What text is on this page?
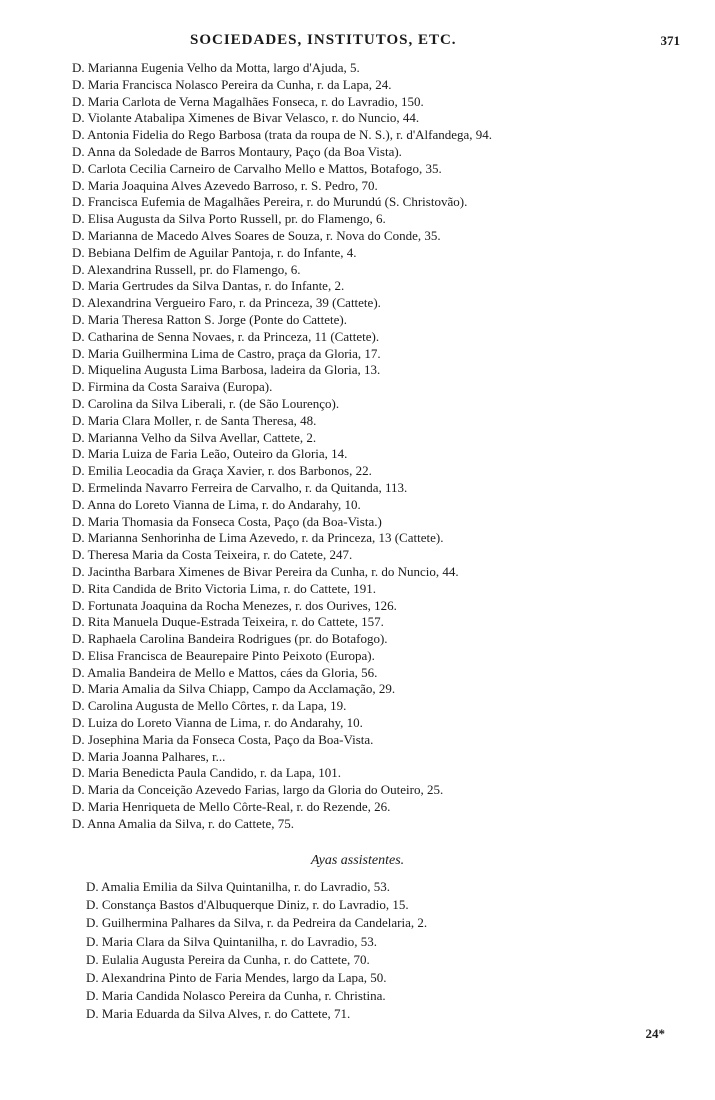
SOCIEDADES, INSTITUTOS, ETC.	371
D. Marianna Eugenia Velho da Motta, largo d'Ajuda, 5.
D. Maria Francisca Nolasco Pereira da Cunha, r. da Lapa, 24.
D. Maria Carlota de Verna Magalhães Fonseca, r. do Lavradio, 150.
D. Violante Atabalipa Ximenes de Bivar Velasco, r. do Nuncio, 44.
D. Antonia Fidelia do Rego Barbosa (trata da roupa de N. S.), r. d'Alfandega, 94.
D. Anna da Soledade de Barros Montaury, Paço (da Boa Vista).
D. Carlota Cecilia Carneiro de Carvalho Mello e Mattos, Botafogo, 35.
D. Maria Joaquina Alves Azevedo Barroso, r. S. Pedro, 70.
D. Francisca Eufemia de Magalhães Pereira, r. do Murundú (S. Christovão).
D. Elisa Augusta da Silva Porto Russell, pr. do Flamengo, 6.
D. Marianna de Macedo Alves Soares de Souza, r. Nova do Conde, 35.
D. Bebiana Delfim de Aguilar Pantoja, r. do Infante, 4.
D. Alexandrina Russell, pr. do Flamengo, 6.
D. Maria Gertrudes da Silva Dantas, r. do Infante, 2.
D. Alexandrina Vergueiro Faro, r. da Princeza, 39 (Cattete).
D. Maria Theresa Ratton S. Jorge (Ponte do Cattete).
D. Catharina de Senna Novaes, r. da Princeza, 11 (Cattete).
D. Maria Guilhermina Lima de Castro, praça da Gloria, 17.
D. Miquelina Augusta Lima Barbosa, ladeira da Gloria, 13.
D. Firmina da Costa Saraiva (Europa).
D. Carolina da Silva Liberali, r. (de São Lourenço).
D. Maria Clara Moller, r. de Santa Theresa, 48.
D. Marianna Velho da Silva Avellar, Cattete, 2.
D. Maria Luiza de Faria Leão, Outeiro da Gloria, 14.
D. Emilia Leocadia da Graça Xavier, r. dos Barbonos, 22.
D. Ermelinda Navarro Ferreira de Carvalho, r. da Quitanda, 113.
D. Anna do Loreto Vianna de Lima, r. do Andarahy, 10.
D. Maria Thomasia da Fonseca Costa, Paço (da Boa-Vista.)
D. Marianna Senhorinha de Lima Azevedo, r. da Princeza, 13 (Cattete).
D. Theresa Maria da Costa Teixeira, r. do Catete, 247.
D. Jacintha Barbara Ximenes de Bivar Pereira da Cunha, r. do Nuncio, 44.
D. Rita Candida de Brito Victoria Lima, r. do Cattete, 191.
D. Fortunata Joaquina da Rocha Menezes, r. dos Ourives, 126.
D. Rita Manuela Duque-Estrada Teixeira, r. do Cattete, 157.
D. Raphaela Carolina Bandeira Rodrigues (pr. do Botafogo).
D. Elisa Francisca de Beaurepaire Pinto Peixoto (Europa).
D. Amalia Bandeira de Mello e Mattos, cáes da Gloria, 56.
D. Maria Amalia da Silva Chiapp, Campo da Acclamação, 29.
D. Carolina Augusta de Mello Côrtes, r. da Lapa, 19.
D. Luiza do Loreto Vianna de Lima, r. do Andarahy, 10.
D. Josephina Maria da Fonseca Costa, Paço da Boa-Vista.
D. Maria Joanna Palhares, r...
D. Maria Benedicta Paula Candido, r. da Lapa, 101.
D. Maria da Conceição Azevedo Farias, largo da Gloria do Outeiro, 25.
D. Maria Henriqueta de Mello Côrte-Real, r. do Rezende, 26.
D. Anna Amalia da Silva, r. do Cattete, 75.
Ayas assistentes.
D. Amalia Emilia da Silva Quintanilha, r. do Lavradio, 53.
D. Constança Bastos d'Albuquerque Diniz, r. do Lavradio, 15.
D. Guilhermina Palhares da Silva, r. da Pedreira da Candelaria, 2.
D. Maria Clara da Silva Quintanilha, r. do Lavradio, 53.
D. Eulalia Augusta Pereira da Cunha, r. do Cattete, 70.
D. Alexandrina Pinto de Faria Mendes, largo da Lapa, 50.
D. Maria Candida Nolasco Pereira da Cunha, r. Christina.
D. Maria Eduarda da Silva Alves, r. do Cattete, 71.
24*
